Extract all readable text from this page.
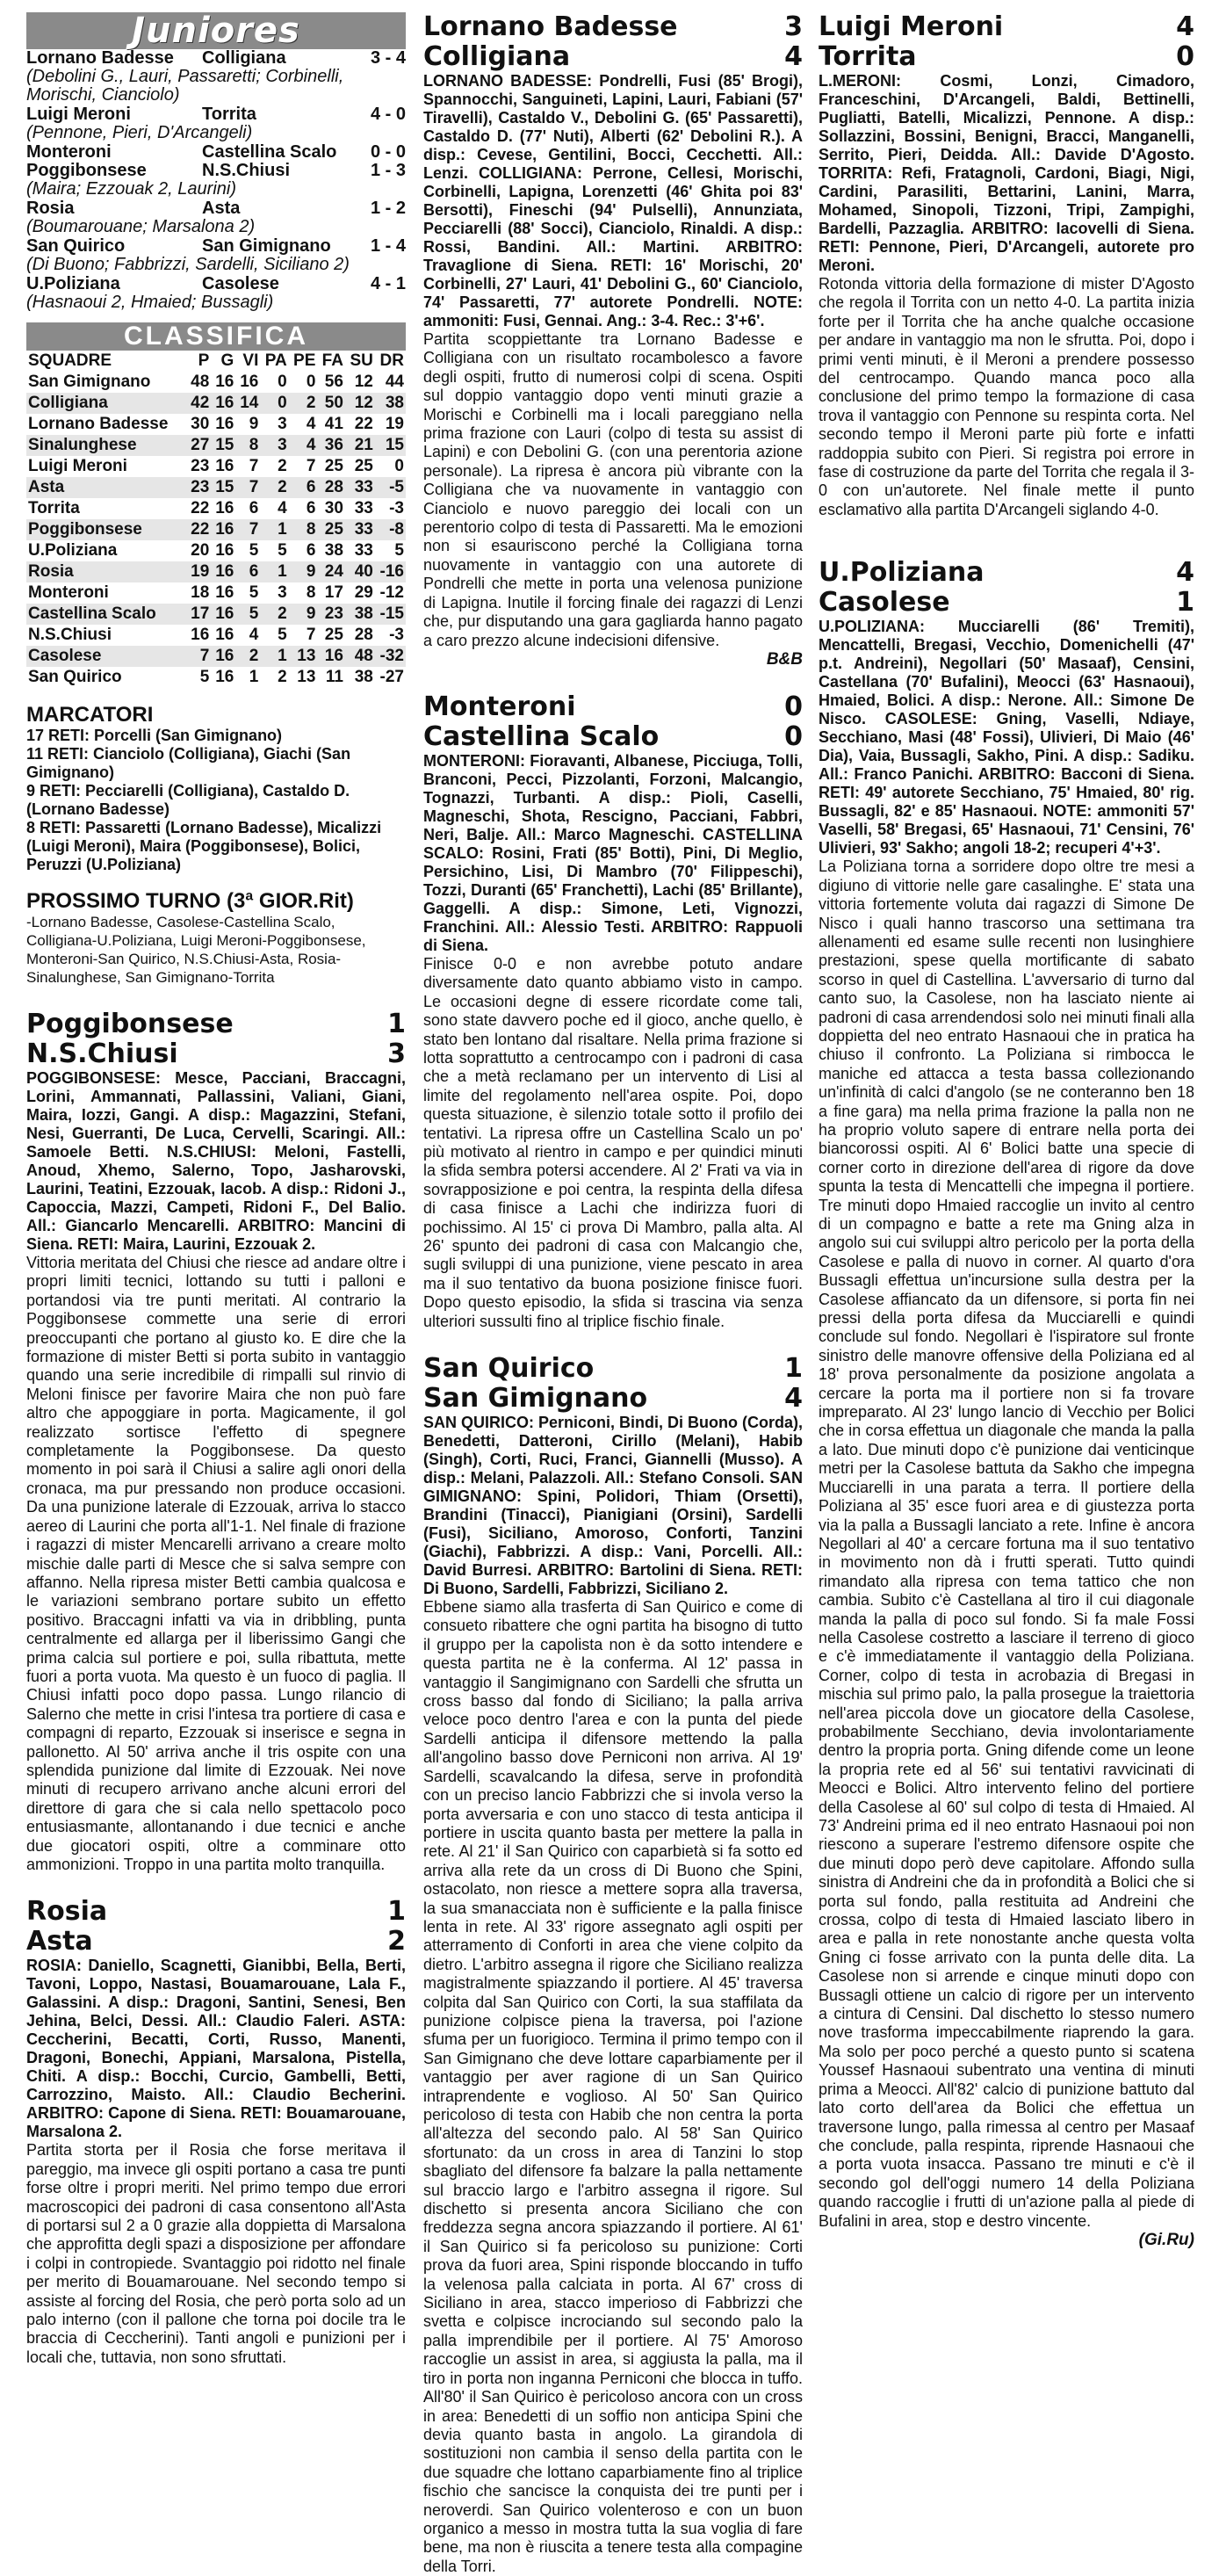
Juniores
Lornano Badesse	Colligiana	3 - 4
(Debolini G., Lauri, Passaretti; Corbinelli, Morischi, Cianciolo)
Luigi Meroni	Torrita	4 - 0
(Pennone, Pieri, D'Arcangeli)
Monteroni	Castellina Scalo	0 - 0
Poggibonsese	N.S.Chiusi	1 - 3
(Maira; Ezzouak 2, Laurini)
Rosia	Asta	1 - 2
(Boumarouane; Marsalona 2)
San Quirico	San Gimignano	1 - 4
(Di Buono; Fabbrizzi, Sardelli, Siciliano 2)
U.Poliziana	Casolese	4 - 1
(Hasnaoui 2, Hmaied; Bussagli)
CLASSIFICA
SQUADRE	P	G	VI	PA	PE	FA	SU	DR
San Gimignano	48	16	16	0	0	56	12	44
Colligiana	42	16	14	0	2	50	12	38
Lornano Badesse	30	16	9	3	4	41	22	19
Sinalunghese	27	15	8	3	4	36	21	15
Luigi Meroni	23	16	7	2	7	25	25	0
Asta	23	15	7	2	6	28	33	-5
Torrita	22	16	6	4	6	30	33	-3
Poggibonsese	22	16	7	1	8	25	33	-8
U.Poliziana	20	16	5	5	6	38	33	5
Rosia	19	16	6	1	9	24	40	-16
Monteroni	18	16	5	3	8	17	29	-12
Castellina Scalo	17	16	5	2	9	23	38	-15
N.S.Chiusi	16	16	4	5	7	25	28	-3
Casolese	7	16	2	1	13	16	48	-32
San Quirico	5	16	1	2	13	11	38	-27
MARCATORI
17 RETI: Porcelli (San Gimignano)
11 RETI: Cianciolo (Colligiana), Giachi (San Gimignano)
9 RETI: Pecciarelli (Colligiana), Castaldo D. (Lornano Badesse)
8 RETI: Passaretti (Lornano Badesse), Micalizzi (Luigi Meroni), Maira (Poggibonsese), Bolici, Peruzzi (U.Poliziana)
PROSSIMO TURNO (3ª GIOR.Rit)
-Lornano Badesse, Casolese-Castellina Scalo, Colligiana-U.Poliziana, Luigi Meroni-Poggibonsese, Monteroni-San Quirico, N.S.Chiusi-Asta, Rosia-Sinalunghese, San Gimignano-Torrita
Poggibonsese	1
N.S.Chiusi	3
POGGIBONSESE: Mesce, Pacciani, Braccagni, Lorini, Ammannati, Pallassini, Valiani, Giani, Maira, Iozzi, Gangi. A disp.: Magazzini, Stefani, Nesi, Guerranti, De Luca, Cervelli, Scaringi. All.: Samoele Betti. N.S.CHIUSI: Meloni, Fastelli, Anoud, Xhemo, Salerno, Topo, Jasharovski, Laurini, Teatini, Ezzouak, Iacob. A disp.: Ridoni J., Capoccia, Mazzi, Campeti, Ridoni F., Del Balio. All.: Giancarlo Mencarelli. ARBITRO: Mancini di Siena. RETI: Maira, Laurini, Ezzouak 2.
Vittoria meritata del Chiusi che riesce ad andare oltre i propri limiti tecnici, lottando su tutti i palloni e portandosi via tre punti meritati. Al contrario la Poggibonsese commette una serie di errori preoccupanti che portano al giusto ko. E dire che la formazione di mister Betti si porta subito in vantaggio quando una serie incredibile di rimpalli sul rinvio di Meloni finisce per favorire Maira che non può fare altro che appoggiare in porta. Magicamente, il gol realizzato sortisce l'effetto di spegnere completamente la Poggibonsese. Da questo momento in poi sarà il Chiusi a salire agli onori della cronaca, ma pur pressando non produce occasioni. Da una punizione laterale di Ezzouak, arriva lo stacco aereo di Laurini che porta all'1-1. Nel finale di frazione i ragazzi di mister Mencarelli arrivano a creare molto mischie dalle parti di Mesce che si salva sempre con affanno. Nella ripresa mister Betti cambia qualcosa e le variazioni sembrano portare subito un effetto positivo. Braccagni infatti va via in dribbling, punta centralmente ed allarga per il liberissimo Gangi che prima calcia sul portiere e poi, sulla ribattuta, mette fuori a porta vuota. Ma questo è un fuoco di paglia. Il Chiusi infatti poco dopo passa. Lungo rilancio di Salerno che mette in crisi l'intesa tra portiere di casa e compagni di reparto, Ezzouak si inserisce e segna in pallonetto. Al 50' arriva anche il tris ospite con una splendida punizione dal limite di Ezzouak. Nei nove minuti di recupero arrivano anche alcuni errori del direttore di gara che si cala nello spettacolo poco entusiasmante, allontanando i due tecnici e anche due giocatori ospiti, oltre a comminare otto ammonizioni. Troppo in una partita molto tranquilla.
Rosia	1
Asta	2
ROSIA: Daniello, Scagnetti, Gianibbi, Bella, Berti, Tavoni, Loppo, Nastasi, Bouamarouane, Lala F., Galassini. A disp.: Dragoni, Santini, Senesi, Ben Jehina, Belci, Dessi. All.: Claudio Faleri. ASTA: Ceccherini, Becatti, Corti, Russo, Manenti, Dragoni, Bonechi, Appiani, Marsalona, Pistella, Chiti. A disp.: Bocchi, Curcio, Gambelli, Betti, Carrozzino, Maisto. All.: Claudio Becherini. ARBITRO: Capone di Siena. RETI: Bouamarouane, Marsalona 2.
Partita storta per il Rosia che forse meritava il pareggio, ma invece gli ospiti portano a casa tre punti forse oltre i propri meriti. Nel primo tempo due errori macroscopici dei padroni di casa consentono all'Asta di portarsi sul 2 a 0 grazie alla doppietta di Marsalona che approfitta degli spazi a disposizione per affondare i colpi in contropiede. Svantaggio poi ridotto nel finale per merito di Bouamarouane. Nel secondo tempo si assiste al forcing del Rosia, che però porta solo ad un palo interno (con il pallone che torna poi docile tra le braccia di Ceccherini). Tanti angoli e punizioni per i locali che, tuttavia, non sono sfruttati.
Lornano Badesse	3
Colligiana	4
LORNANO BADESSE: Pondrelli, Fusi (85' Brogi), Spannocchi, Sanguineti, Lapini, Lauri, Fabiani (57' Tiravelli), Castaldo V., Debolini G. (65' Passaretti), Castaldo D. (77' Nuti), Alberti (62' Debolini R.). A disp.: Cevese, Gentilini, Bocci, Cecchetti. All.: Lenzi. COLLIGIANA: Perrone, Cellesi, Morischi, Corbinelli, Lapigna, Lorenzetti (46' Ghita poi 83' Bersotti), Fineschi (94' Pulselli), Annunziata, Pecciarelli (88' Socci), Cianciolo, Rinaldi. A disp.: Rossi, Bandini. All.: Martini. ARBITRO: Travaglione di Siena. RETI: 16' Morischi, 20' Corbinelli, 27' Lauri, 41' Debolini G., 60' Cianciolo, 74' Passaretti, 77' autorete Pondrelli. NOTE: ammoniti: Fusi, Gennai. Ang.: 3-4. Rec.: 3'+6'.
Partita scoppiettante tra Lornano Badesse e Colligiana con un risultato rocambolesco a favore degli ospiti, frutto di numerosi colpi di scena. Ospiti sul doppio vantaggio dopo venti minuti grazie a Morischi e Corbinelli ma i locali pareggiano nella prima frazione con Lauri (colpo di testa su assist di Lapini) e con Debolini G. (con una perentoria azione personale). La ripresa è ancora più vibrante con la Colligiana che va nuovamente in vantaggio con Cianciolo e nuovo pareggio dei locali con un perentorio colpo di testa di Passaretti. Ma le emozioni non si esauriscono perché la Colligiana torna nuovamente in vantaggio con una autorete di Pondrelli che mette in porta una velenosa punizione di Lapigna. Inutile il forcing finale dei ragazzi di Lenzi che, pur disputando una gara gagliarda hanno pagato a caro prezzo alcune indecisioni difensive.
B&B
Monteroni	0
Castellina Scalo	0
MONTERONI: Fioravanti, Albanese, Picciuga, Tolli, Branconi, Pecci, Pizzolanti, Forzoni, Malcangio, Tognazzi, Turbanti. A disp.: Pioli, Caselli, Magneschi, Shota, Rescigno, Pacciani, Fabbri, Neri, Balje. All.: Marco Magneschi. CASTELLINA SCALO: Rosini, Frati (85' Botti), Pini, Di Meglio, Persichino, Lisi, Di Mambro (70' Filippeschi), Tozzi, Duranti (65' Franchetti), Lachi (85' Brillante), Gaggelli. A disp.: Simone, Leti, Vignozzi, Franchini. All.: Alessio Testi. ARBITRO: Rappuoli di Siena.
Finisce 0-0 e non avrebbe potuto andare diversamente dato quanto abbiamo visto in campo. Le occasioni degne di essere ricordate come tali, sono state davvero poche ed il gioco, anche quello, è stato ben lontano dal risaltare. Nella prima frazione si lotta soprattutto a centrocampo con i padroni di casa che a metà reclamano per un intervento di Lisi al limite del regolamento nell'area ospite. Poi, dopo questa situazione, è silenzio totale sotto il profilo dei tentativi. La ripresa offre un Castellina Scalo un po' più motivato al rientro in campo e per quindici minuti la sfida sembra potersi accendere. Al 2' Frati va via in sovrapposizione e poi centra, la respinta della difesa di casa finisce a Lachi che indirizza fuori di pochissimo. Al 15' ci prova Di Mambro, palla alta. Al 26' spunto dei padroni di casa con Malcangio che, sugli sviluppi di una punizione, viene pescato in area ma il suo tentativo da buona posizione finisce fuori. Dopo questo episodio, la sfida si trascina via senza ulteriori sussulti fino al triplice fischio finale.
San Quirico	1
San Gimignano	4
SAN QUIRICO: Perniconi, Bindi, Di Buono (Corda), Benedetti, Datteroni, Cirillo (Melani), Habib (Singh), Corti, Ruci, Franci, Giannelli (Musso). A disp.: Melani, Palazzoli. All.: Stefano Consoli. SAN GIMIGNANO: Spini, Polidori, Thiam (Orsetti), Brandini (Tinacci), Pianigiani (Orsini), Sardelli (Fusi), Siciliano, Amoroso, Conforti, Tanzini (Giachi), Fabbrizzi. A disp.: Vani, Porcelli. All.: David Burresi. ARBITRO: Bartolini di Siena. RETI: Di Buono, Sardelli, Fabbrizzi, Siciliano 2.
Ebbene siamo alla trasferta di San Quirico e come di consueto ribattere che ogni partita ha bisogno di tutto il gruppo per la capolista non è da sotto intendere e questa partita ne è la conferma. Al 12' passa in vantaggio il Sangimignano con Sardelli che sfrutta un cross basso dal fondo di Siciliano; la palla arriva veloce poco dentro l'area e con la punta del piede Sardelli anticipa il difensore mettendo la palla all'angolino basso dove Perniconi non arriva. Al 19' Sardelli, scavalcando la difesa, serve in profondità con un preciso lancio Fabbrizzi che si invola verso la porta avversaria e con uno stacco di testa anticipa il portiere in uscita quanto basta per mettere la palla in rete. Al 21' il San Quirico con caparbietà si fa sotto ed arriva alla rete da un cross di Di Buono che Spini, ostacolato, non riesce a mettere sopra alla traversa, la sua smanacciata non è sufficiente e la palla finisce lenta in rete. Al 33' rigore assegnato agli ospiti per atterramento di Conforti in area che viene colpito da dietro. L'arbitro assegna il rigore che Siciliano realizza magistralmente spiazzando il portiere. Al 45' traversa colpita dal San Quirico con Corti, la sua staffilata da punizione colpisce piena la traversa, poi l'azione sfuma per un fuorigioco. Termina il primo tempo con il San Gimignano che deve lottare caparbiamente per il vantaggio per aver ragione di un San Quirico intraprendente e voglioso. Al 50' San Quirico pericoloso di testa con Habib che non centra la porta all'altezza del secondo palo. Al 58' San Quirico sfortunato: da un cross in area di Tanzini lo stop sbagliato del difensore fa balzare la palla nettamente sul braccio largo e l'arbitro assegna il rigore. Sul dischetto si presenta ancora Siciliano che con freddezza segna ancora spiazzando il portiere. Al 61' il San Quirico si fa pericoloso su punizione: Corti prova da fuori area, Spini risponde bloccando in tuffo la velenosa palla calciata in porta. Al 67' cross di Siciliano in area, stacco imperioso di Fabbrizzi che svetta e colpisce incrociando sul secondo palo la palla imprendibile per il portiere. Al 75' Amoroso raccoglie un assist in area, si aggiusta la palla, ma il tiro in porta non inganna Perniconi che blocca in tuffo. All'80' il San Quirico è pericoloso ancora con un cross in area: Benedetti di un soffio non anticipa Spini che devia quanto basta in angolo. La girandola di sostituzioni non cambia il senso della partita con le due squadre che lottano caparbiamente fino al triplice fischio che sancisce la conquista dei tre punti per i neroverdi. San Quirico volenteroso e con un buon organico a messo in mostra tutta la sua voglia di fare bene, ma non è riuscita a tenere testa alla compagine della Torri.
Luigi Meroni	4
Torrita	0
L.MERONI: Cosmi, Lonzi, Cimadoro, Franceschini, D'Arcangeli, Baldi, Bettinelli, Pugliatti, Batelli, Micalizzi, Pennone. A disp.: Sollazzini, Bossini, Benigni, Bracci, Manganelli, Serrito, Pieri, Deidda. All.: Davide D'Agosto. TORRITA: Refi, Fratagnoli, Cardoni, Biagi, Nigi, Cardini, Parasiliti, Bettarini, Lanini, Marra, Mohamed, Sinopoli, Tizzoni, Tripi, Zampighi, Bardelli, Pazzaglia. ARBITRO: Iacovelli di Siena. RETI: Pennone, Pieri, D'Arcangeli, autorete pro Meroni.
Rotonda vittoria della formazione di mister D'Agosto che regola il Torrita con un netto 4-0. La partita inizia forte per il Torrita che ha anche qualche occasione per andare in vantaggio ma non le sfrutta. Poi, dopo i primi venti minuti, è il Meroni a prendere possesso del centrocampo. Quando manca poco alla conclusione del primo tempo la formazione di casa trova il vantaggio con Pennone su respinta corta. Nel secondo tempo il Meroni parte più forte e infatti raddoppia subito con Pieri. Si registra poi errore in fase di costruzione da parte del Torrita che regala il 3-0 con un'autorete. Nel finale mette il punto esclamativo alla partita D'Arcangeli siglando 4-0.
U.Poliziana	4
Casolese	1
U.POLIZIANA: Mucciarelli (86' Tremiti), Mencattelli, Bregasi, Vecchio, Domenichelli (47' p.t. Andreini), Negollari (50' Masaaf), Censini, Castellana (70' Bufalini), Meocci (63' Hasnaoui), Hmaied, Bolici. A disp.: Nerone. All.: Simone De Nisco. CASOLESE: Gning, Vaselli, Ndiaye, Secchiano, Masi (48' Fossi), Ulivieri, Di Maio (46' Dia), Vaia, Bussagli, Sakho, Pini. A disp.: Sadiku. All.: Franco Panichi. ARBITRO: Bacconi di Siena. RETI: 49' autorete Secchiano, 75' Hmaied, 80' rig. Bussagli, 82' e 85' Hasnaoui. NOTE: ammoniti 57' Vaselli, 58' Bregasi, 65' Hasnaoui, 71' Censini, 76' Ulivieri, 93' Sakho; angoli 18-2; recuperi 4'+3'.
La Poliziana torna a sorridere dopo oltre tre mesi a digiuno di vittorie nelle gare casalinghe. E' stata una vittoria fortemente voluta dai ragazzi di Simone De Nisco i quali hanno trascorso una settimana tra allenamenti ed esame sulle recenti non lusinghiere prestazioni, spese quella mortificante di sabato scorso in quel di Castellina. L'avversario di turno dal canto suo, la Casolese, non ha lasciato niente ai padroni di casa arrendendosi solo nei minuti finali alla doppietta del neo entrato Hasnaoui che in pratica ha chiuso il confronto. La Poliziana si rimbocca le maniche ed attacca a testa bassa collezionando un'infinità di calci d'angolo (se ne conteranno ben 18 a fine gara) ma nella prima frazione la palla non ne ha proprio voluto sapere di entrare nella porta dei biancorossi ospiti. Al 6' Bolici batte una specie di corner corto in direzione dell'area di rigore da dove spunta la testa di Mencattelli che impegna il portiere. Tre minuti dopo Hmaied raccoglie un invito al centro di un compagno e batte a rete ma Gning alza in angolo sui cui sviluppi altro pericolo per la porta della Casolese e palla di nuovo in corner. Al quarto d'ora Bussagli effettua un'incursione sulla destra per la Casolese affiancato da un difensore, si porta fin nei pressi della porta difesa da Mucciarelli e quindi conclude sul fondo. Negollari è l'ispiratore sul fronte sinistro delle manovre offensive della Poliziana ed al 18' prova personalmente da posizione angolata a cercare la porta ma il portiere non si fa trovare impreparato. Al 23' lungo lancio di Vecchio per Bolici che in corsa effettua un diagonale che manda la palla a lato. Due minuti dopo c'è punizione dai venticinque metri per la Casolese battuta da Sakho che impegna Mucciarelli in una parata a terra. Il portiere della Poliziana al 35' esce fuori area e di giustezza porta via la palla a Bussagli lanciato a rete. Infine è ancora Negollari al 40' a cercare fortuna ma il suo tentativo in movimento non dà i frutti sperati. Tutto quindi rimandato alla ripresa con tema tattico che non cambia. Subito c'è Castellana al tiro il cui diagonale manda la palla di poco sul fondo. Si fa male Fossi nella Casolese costretto a lasciare il terreno di gioco e c'è immediatamente il vantaggio della Poliziana. Corner, colpo di testa in acrobazia di Bregasi in mischia sul primo palo, la palla prosegue la traiettoria nell'area piccola dove un giocatore della Casolese, probabilmente Secchiano, devia involontariamente dentro la propria porta. Gning difende come un leone la propria rete ed al 56' sui tentativi ravvicinati di Meocci e Bolici. Altro intervento felino del portiere della Casolese al 60' sul colpo di testa di Hmaied. Al 73' Andreini prima ed il neo entrato Hasnaoui poi non riescono a superare l'estremo difensore ospite che due minuti dopo però deve capitolare. Affondo sulla sinistra di Andreini che da in profondità a Bolici che si porta sul fondo, palla restituita ad Andreini che crossa, colpo di testa di Hmaied lasciato libero in area e palla in rete nonostante anche questa volta Gning ci fosse arrivato con la punta delle dita. La Casolese non si arrende e cinque minuti dopo con Bussagli ottiene un calcio di rigore per un intervento a cintura di Censini. Dal dischetto lo stesso numero nove trasforma impeccabilmente riaprendo la gara. Ma solo per poco perché a questo punto si scatena Youssef Hasnaoui subentrato una ventina di minuti prima a Meocci. All'82' calcio di punizione battuto dal lato corto dell'area da Bolici che effettua un traversone lungo, palla rimessa al centro per Masaaf che conclude, palla respinta, riprende Hasnaoui che a porta vuota insacca. Passano tre minuti e c'è il secondo gol dell'oggi numero 14 della Poliziana quando raccoglie i frutti di un'azione palla al piede di Bufalini in area, stop e destro vincente.
(Gi.Ru)
